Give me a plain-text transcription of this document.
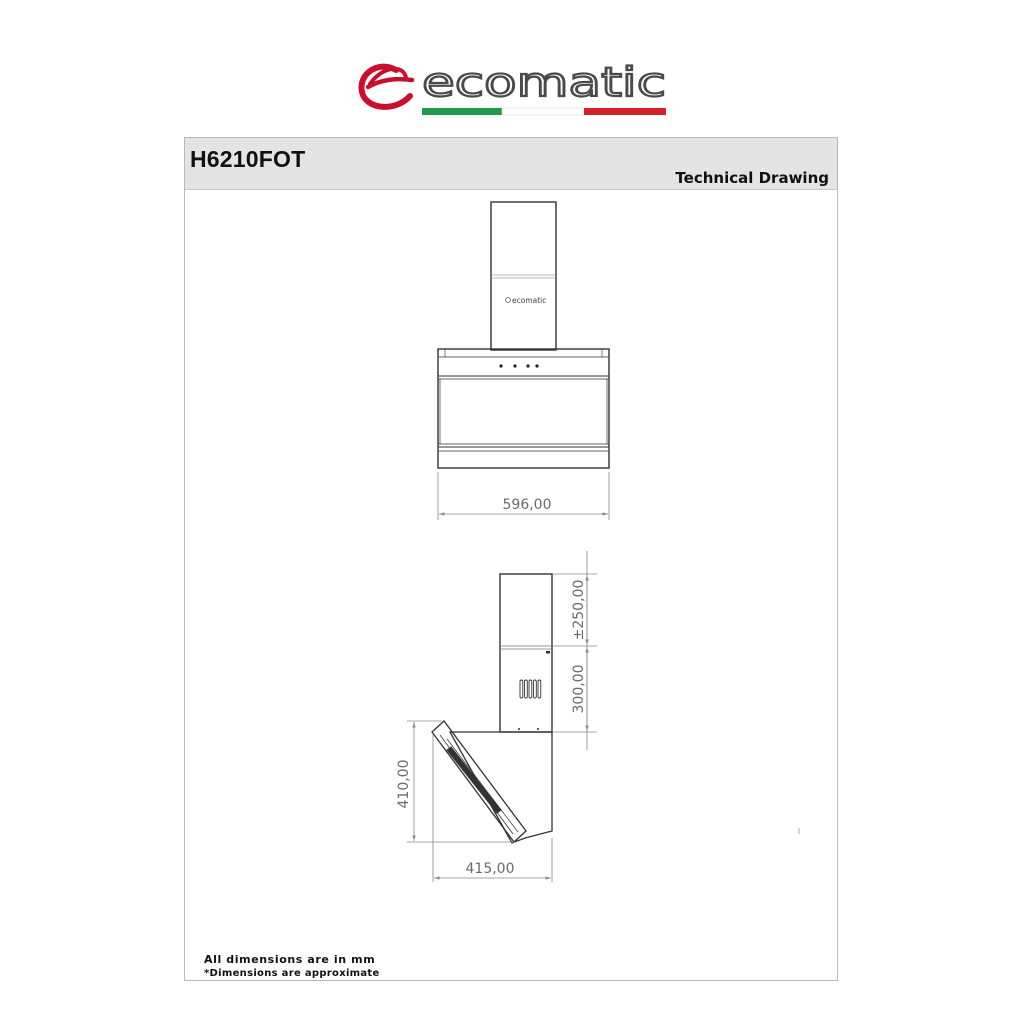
ecomatic
H6210FOT
Technical Drawing
ecomatic
596,00
±250,00
300,00
410,00
415,00
All dimensions are in mm
*Dimensions are approximate
